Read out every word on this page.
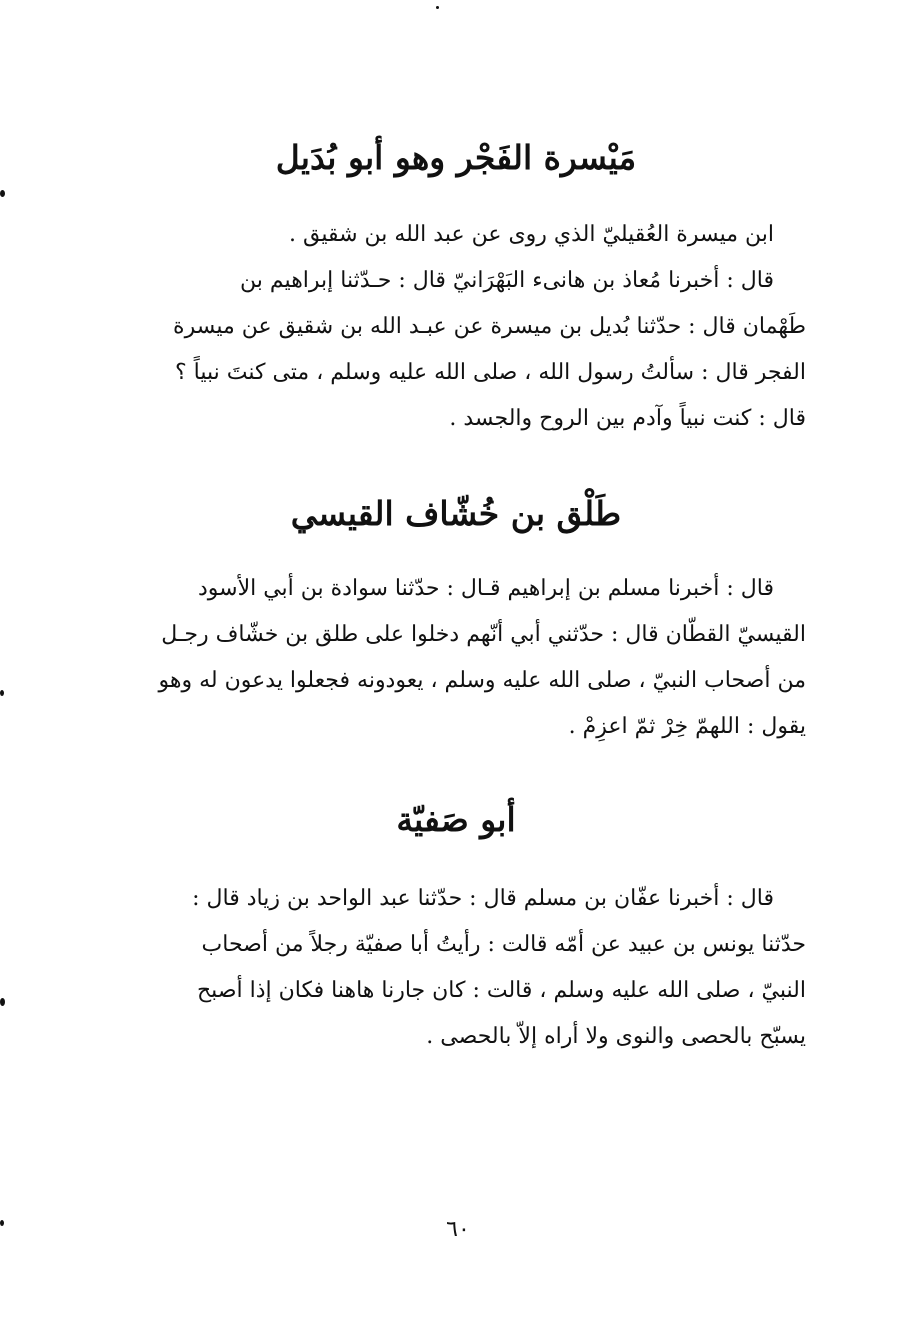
مَيْسرة الفَجْر وهو أبو بُدَيل

ابن ميسرة العُقيليّ الذي روى عن عبد الله بن شقيق .
قال : أخبرنا مُعاذ بن هانىء البَهْرَانيّ قال : حـدّثنا إبراهيم بن
طَهْمان قال : حدّثنا بُديل بن ميسرة عن عبـد الله بن شقيق عن ميسرة
الفجر قال : سألتُ رسول الله ، صلى الله عليه وسلم ، متى كنتَ نبياً ؟
قال : كنت نبياً وآدم بين الروح والجسد .

طَلْق بن خُشّاف القيسي

قال : أخبرنا مسلم بن إبراهيم قـال : حدّثنا سوادة بن أبي الأسود
القيسيّ القطّان قال : حدّثني أبي أنّهم دخلوا على طلق بن خشّاف رجـل
من أصحاب النبيّ ، صلى الله عليه وسلم ، يعودونه فجعلوا يدعون له وهو
يقول : اللهمّ خِرْ ثمّ اعزِمْ .

أبو صَفيّة

قال : أخبرنا عفّان بن مسلم قال : حدّثنا عبد الواحد بن زياد قال :
حدّثنا يونس بن عبيد عن أمّه قالت : رأيتُ أبا صفيّة رجلاً من أصحاب
النبيّ ، صلى الله عليه وسلم ، قالت : كان جارنا هاهنا فكان إذا أصبح
يسبّح بالحصى والنوى ولا أراه إلاّ بالحصى .

٦٠
